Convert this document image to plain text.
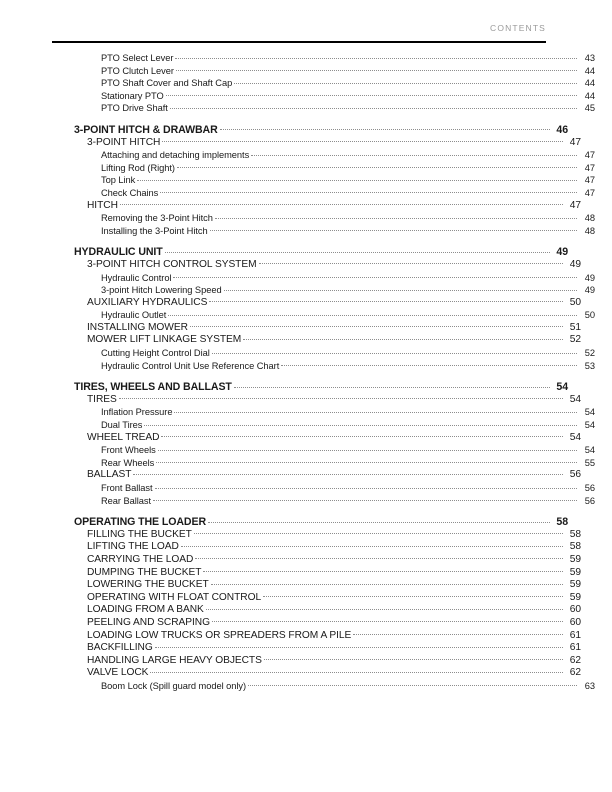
CONTENTS
PTO Select Lever	43
PTO Clutch Lever	44
PTO Shaft Cover and Shaft Cap	44
Stationary PTO	44
PTO Drive Shaft	45
3-POINT HITCH & DRAWBAR	46
3-POINT HITCH	47
Attaching and detaching implements	47
Lifting Rod (Right)	47
Top Link	47
Check Chains	47
HITCH	47
Removing the 3-Point Hitch	48
Installing the 3-Point Hitch	48
HYDRAULIC UNIT	49
3-POINT HITCH CONTROL SYSTEM	49
Hydraulic Control	49
3-point Hitch Lowering Speed	49
AUXILIARY HYDRAULICS	50
Hydraulic Outlet	50
INSTALLING MOWER	51
MOWER LIFT LINKAGE SYSTEM	52
Cutting Height Control Dial	52
Hydraulic Control Unit Use Reference Chart	53
TIRES, WHEELS AND BALLAST	54
TIRES	54
Inflation Pressure	54
Dual Tires	54
WHEEL TREAD	54
Front Wheels	54
Rear Wheels	55
BALLAST	56
Front Ballast	56
Rear Ballast	56
OPERATING THE LOADER	58
FILLING THE BUCKET	58
LIFTING THE LOAD	58
CARRYING THE LOAD	59
DUMPING THE BUCKET	59
LOWERING THE BUCKET	59
OPERATING WITH FLOAT CONTROL	59
LOADING FROM A BANK	60
PEELING AND SCRAPING	60
LOADING LOW TRUCKS OR SPREADERS FROM A PILE	61
BACKFILLING	61
HANDLING LARGE HEAVY OBJECTS	62
VALVE LOCK	62
Boom Lock (Spill guard model only)	63
